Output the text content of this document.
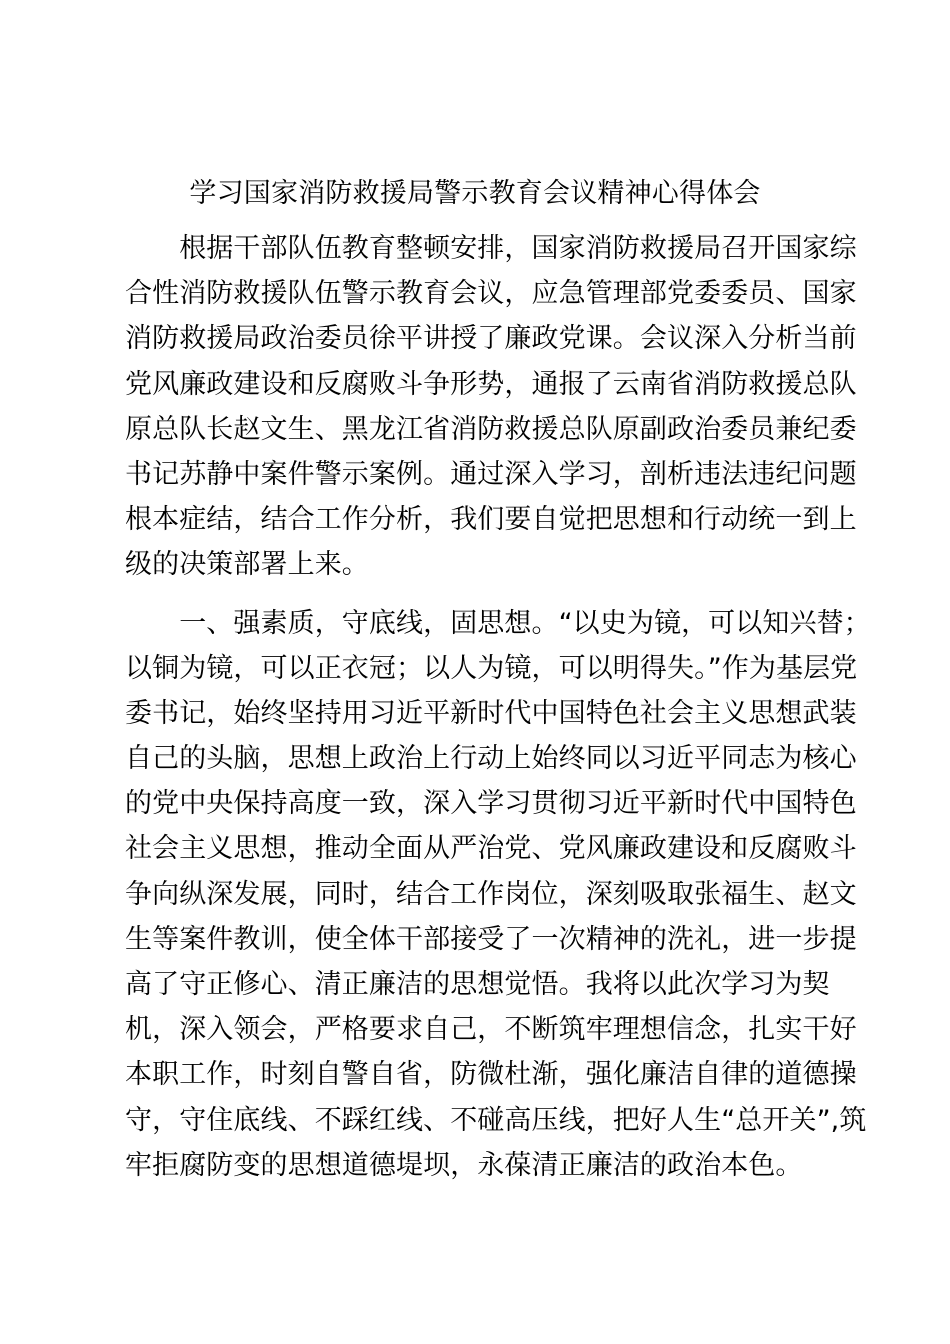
学习国家消防救援局警示教育会议精神心得体会
　　根据干部队伍教育整顿安排，国家消防救援局召开国家综
合性消防救援队伍警示教育会议，应急管理部党委委员、国家
消防救援局政治委员徐平讲授了廉政党课。会议深入分析当前
党风廉政建设和反腐败斗争形势，通报了云南省消防救援总队
原总队长赵文生、黑龙江省消防救援总队原副政治委员兼纪委
书记苏静中案件警示案例。通过深入学习，剖析违法违纪问题
根本症结，结合工作分析，我们要自觉把思想和行动统一到上
级的决策部署上来。
　　一、强素质，守底线，固思想。“以史为镜，可以知兴替；
以铜为镜，可以正衣冠；以人为镜，可以明得失。”作为基层党
委书记，始终坚持用习近平新时代中国特色社会主义思想武装
自己的头脑，思想上政治上行动上始终同以习近平同志为核心
的党中央保持高度一致，深入学习贯彻习近平新时代中国特色
社会主义思想，推动全面从严治党、党风廉政建设和反腐败斗
争向纵深发展，同时，结合工作岗位，深刻吸取张福生、赵文
生等案件教训，使全体干部接受了一次精神的洗礼，进一步提
高了守正修心、清正廉洁的思想觉悟。我将以此次学习为契
机，深入领会，严格要求自己，不断筑牢理想信念，扎实干好
本职工作，时刻自警自省，防微杜渐，强化廉洁自律的道德操
守，守住底线、不踩红线、不碰高压线，把好人生“总开关”,筑
牢拒腐防变的思想道德堤坝，永葆清正廉洁的政治本色。
